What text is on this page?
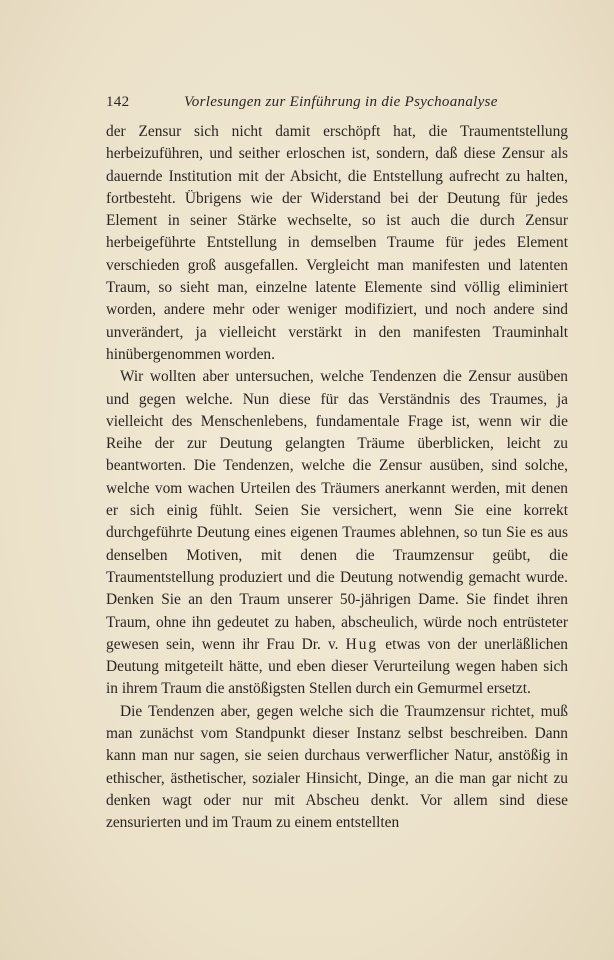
142	Vorlesungen zur Einführung in die Psychoanalyse

der Zensur sich nicht damit erschöpft hat, die Traumentstellung herbeizuführen, und seither erloschen ist, sondern, daß diese Zensur als dauernde Institution mit der Absicht, die Entstellung aufrecht zu halten, fortbesteht. Übrigens wie der Widerstand bei der Deutung für jedes Element in seiner Stärke wechselte, so ist auch die durch Zensur herbeigeführte Entstellung in demselben Traume für jedes Element verschieden groß ausgefallen. Vergleicht man manifesten und latenten Traum, so sieht man, einzelne latente Elemente sind völlig eliminiert worden, andere mehr oder weniger modifiziert, und noch andere sind unverändert, ja vielleicht verstärkt in den manifesten Trauminhalt hinübergenommen worden.

Wir wollten aber untersuchen, welche Tendenzen die Zensur ausüben und gegen welche. Nun diese für das Verständnis des Traumes, ja vielleicht des Menschenlebens, fundamentale Frage ist, wenn wir die Reihe der zur Deutung gelangten Träume überblicken, leicht zu beantworten. Die Tendenzen, welche die Zensur ausüben, sind solche, welche vom wachen Urteilen des Träumers anerkannt werden, mit denen er sich einig fühlt. Seien Sie versichert, wenn Sie eine korrekt durchgeführte Deutung eines eigenen Traumes ablehnen, so tun Sie es aus denselben Motiven, mit denen die Traumzensur geübt, die Traumentstellung produziert und die Deutung notwendig gemacht wurde. Denken Sie an den Traum unserer 50-jährigen Dame. Sie findet ihren Traum, ohne ihn gedeutet zu haben, abscheulich, würde noch entrüsteter gewesen sein, wenn ihr Frau Dr. v. Hug etwas von der unerläßlichen Deutung mitgeteilt hätte, und eben dieser Verurteilung wegen haben sich in ihrem Traum die anstößigsten Stellen durch ein Gemurmel ersetzt.

Die Tendenzen aber, gegen welche sich die Traumzensur richtet, muß man zunächst vom Standpunkt dieser Instanz selbst beschreiben. Dann kann man nur sagen, sie seien durchaus verwerflicher Natur, anstößig in ethischer, ästhetischer, sozialer Hinsicht, Dinge, an die man gar nicht zu denken wagt oder nur mit Abscheu denkt. Vor allem sind diese zensurierten und im Traum zu einem entstellten
